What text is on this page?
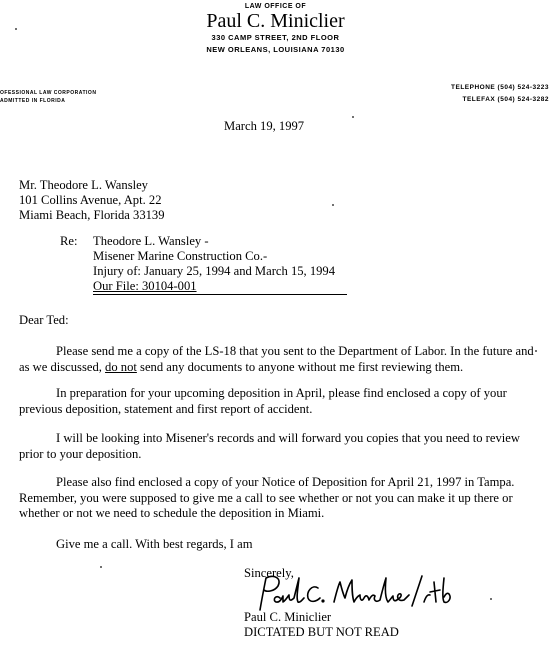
LAW OFFICE OF
Paul C. Miniclier
330 CAMP STREET, 2ND FLOOR
NEW ORLEANS, LOUISIANA 70130
OFESSIONAL LAW CORPORATION
ADMITTED IN FLORIDA
TELEPHONE (504) 524-3223
TELEFAX (504) 524-3282
March 19, 1997
Mr. Theodore L. Wansley
101 Collins Avenue, Apt. 22
Miami Beach, Florida 33139
Re: Theodore L. Wansley -
Misener Marine Construction Co.-
Injury of: January 25, 1994 and March 15, 1994
Our File: 30104-001
Dear Ted:
Please send me a copy of the LS-18 that you sent to the Department of Labor. In the future and as we discussed, do not send any documents to anyone without me first reviewing them.
In preparation for your upcoming deposition in April, please find enclosed a copy of your previous deposition, statement and first report of accident.
I will be looking into Misener's records and will forward you copies that you need to review prior to your deposition.
Please also find enclosed a copy of your Notice of Deposition for April 21, 1997 in Tampa. Remember, you were supposed to give me a call to see whether or not you can make it up there or whether or not we need to schedule the deposition in Miami.
Give me a call. With best regards, I am
Sincerely,
Paul C. Miniclier
DICTATED BUT NOT READ
